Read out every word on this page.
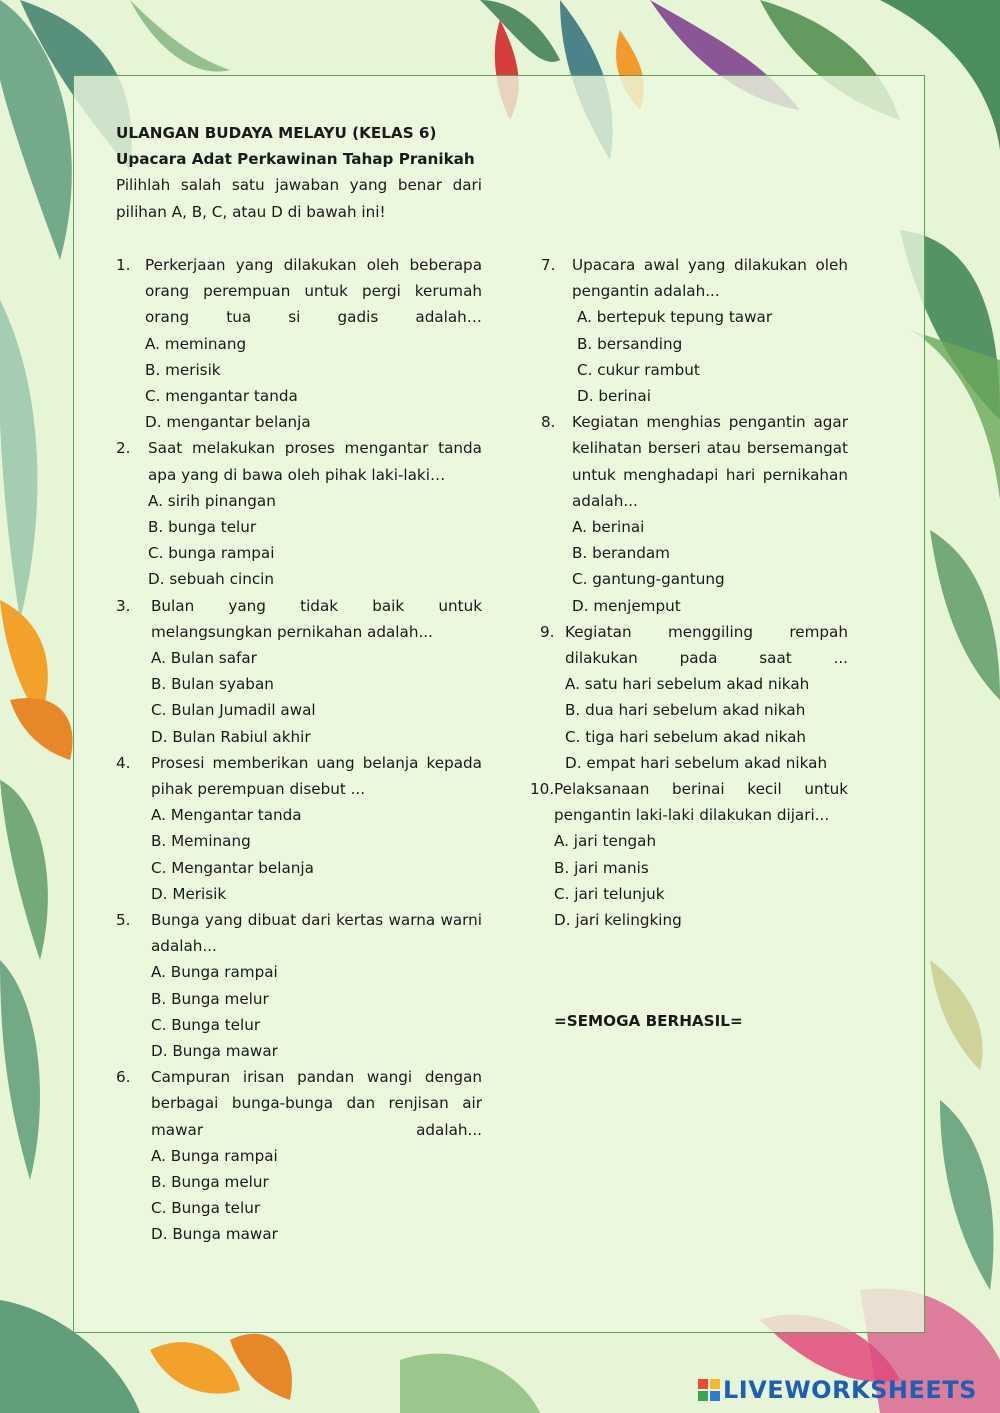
ULANGAN BUDAYA MELAYU (KELAS 6)
Upacara Adat Perkawinan Tahap Pranikah
Pilihlah salah satu jawaban yang benar dari pilihan A, B, C, atau D di bawah ini!
1. Perkerjaan yang dilakukan oleh beberapa orang perempuan untuk pergi kerumah orang tua si gadis adalah…
A. meminang
B. merisik
C. mengantar tanda
D. mengantar belanja
2. Saat melakukan proses mengantar tanda apa yang di bawa oleh pihak laki-laki…
A. sirih pinangan
B. bunga telur
C. bunga rampai
D. sebuah cincin
3. Bulan yang tidak baik untuk melangsungkan pernikahan adalah...
A. Bulan safar
B. Bulan syaban
C. Bulan Jumadil awal
D. Bulan Rabiul akhir
4. Prosesi memberikan uang belanja kepada pihak perempuan disebut ...
A. Mengantar tanda
B. Meminang
C. Mengantar belanja
D. Merisik
5. Bunga yang dibuat dari kertas warna warni adalah...
A. Bunga rampai
B. Bunga melur
C. Bunga telur
D. Bunga mawar
6. Campuran irisan pandan wangi dengan berbagai bunga-bunga dan renjisan air mawar adalah...
A. Bunga rampai
B. Bunga melur
C. Bunga telur
D. Bunga mawar
7. Upacara awal yang dilakukan oleh pengantin adalah...
A. bertepuk tepung tawar
B. bersanding
C. cukur rambut
D. berinai
8. Kegiatan menghias pengantin agar kelihatan berseri atau bersemangat untuk menghadapi hari pernikahan adalah...
A. berinai
B. berandam
C. gantung-gantung
D. menjemput
9. Kegiatan menggiling rempah dilakukan pada saat ...
A. satu hari sebelum akad nikah
B. dua hari sebelum akad nikah
C. tiga hari sebelum akad nikah
D. empat hari sebelum akad nikah
10. Pelaksanaan berinai kecil untuk pengantin laki-laki dilakukan dijari...
A. jari tengah
B. jari manis
C. jari telunjuk
D. jari kelingking
=SEMOGA BERHASIL=
LIVEWORKSHEETS
